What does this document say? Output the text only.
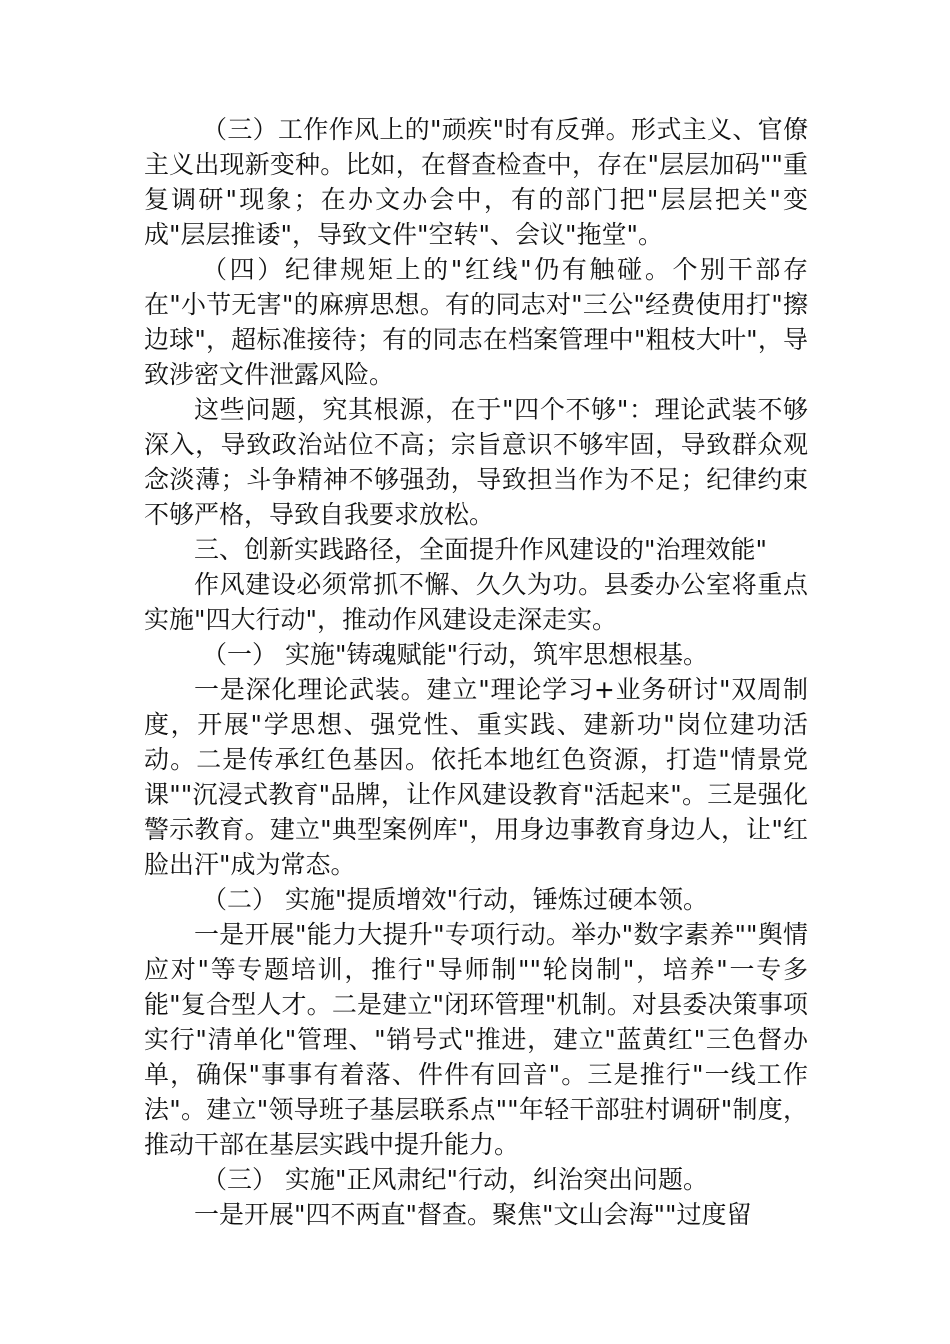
（三）工作作风上的"顽疾"时有反弹。形式主义、官僚主义出现新变种。比如，在督查检查中，存在"层层加码""重复调研"现象；在办文办会中，有的部门把"层层把关"变成"层层推诿"，导致文件"空转"、会议"拖堂"。

（四）纪律规矩上的"红线"仍有触碰。个别干部存在"小节无害"的麻痹思想。有的同志对"三公"经费使用打"擦边球"，超标准接待；有的同志在档案管理中"粗枝大叶"，导致涉密文件泄露风险。

这些问题，究其根源，在于"四个不够"：理论武装不够深入，导致政治站位不高；宗旨意识不够牢固，导致群众观念淡薄；斗争精神不够强劲，导致担当作为不足；纪律约束不够严格，导致自我要求放松。

三、创新实践路径，全面提升作风建设的"治理效能"

作风建设必须常抓不懈、久久为功。县委办公室将重点实施"四大行动"，推动作风建设走深走实。

（一） 实施"铸魂赋能"行动，筑牢思想根基。

一是深化理论武装。建立"理论学习+业务研讨"双周制度，开展"学思想、强党性、重实践、建新功"岗位建功活动。二是传承红色基因。依托本地红色资源，打造"情景党课""沉浸式教育"品牌，让作风建设教育"活起来"。三是强化警示教育。建立"典型案例库"，用身边事教育身边人，让"红脸出汗"成为常态。

（二） 实施"提质增效"行动，锤炼过硬本领。

一是开展"能力大提升"专项行动。举办"数字素养""舆情应对"等专题培训，推行"导师制""轮岗制"，培养"一专多能"复合型人才。二是建立"闭环管理"机制。对县委决策事项实行"清单化"管理、"销号式"推进，建立"蓝黄红"三色督办单，确保"事事有着落、件件有回音"。三是推行"一线工作法"。建立"领导班子基层联系点""年轻干部驻村调研"制度，推动干部在基层实践中提升能力。

（三） 实施"正风肃纪"行动，纠治突出问题。

一是开展"四不两直"督查。聚焦"文山会海""过度留
